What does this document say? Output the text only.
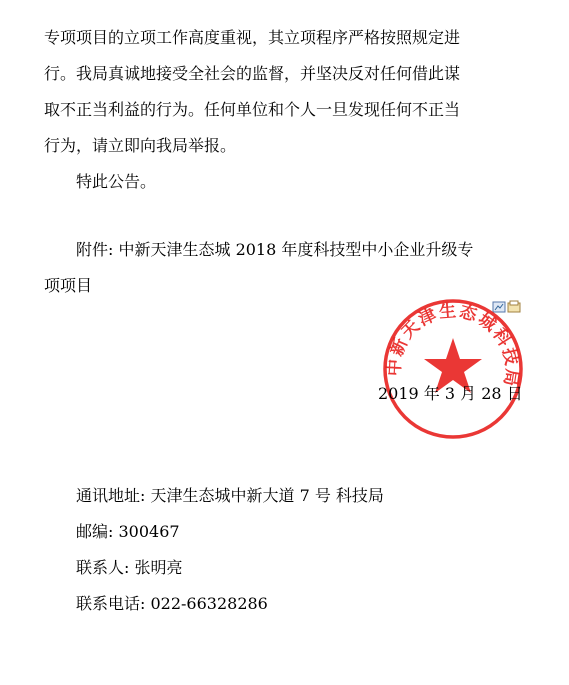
专项项目的立项工作高度重视，其立项程序严格按照规定进
行。我局真诚地接受全社会的监督，并坚决反对任何借此谋
取不正当利益的行为。任何单位和个人一旦发现任何不正当
行为，请立即向我局举报。
特此公告。
附件: 中新天津生态城 2018 年度科技型中小企业升级专
项项目
中新天津生态城科技局
2019 年 3 月 28 日
通讯地址: 天津生态城中新大道 7 号 科技局
邮编: 300467
联系人: 张明亮
联系电话: 022-66328286
